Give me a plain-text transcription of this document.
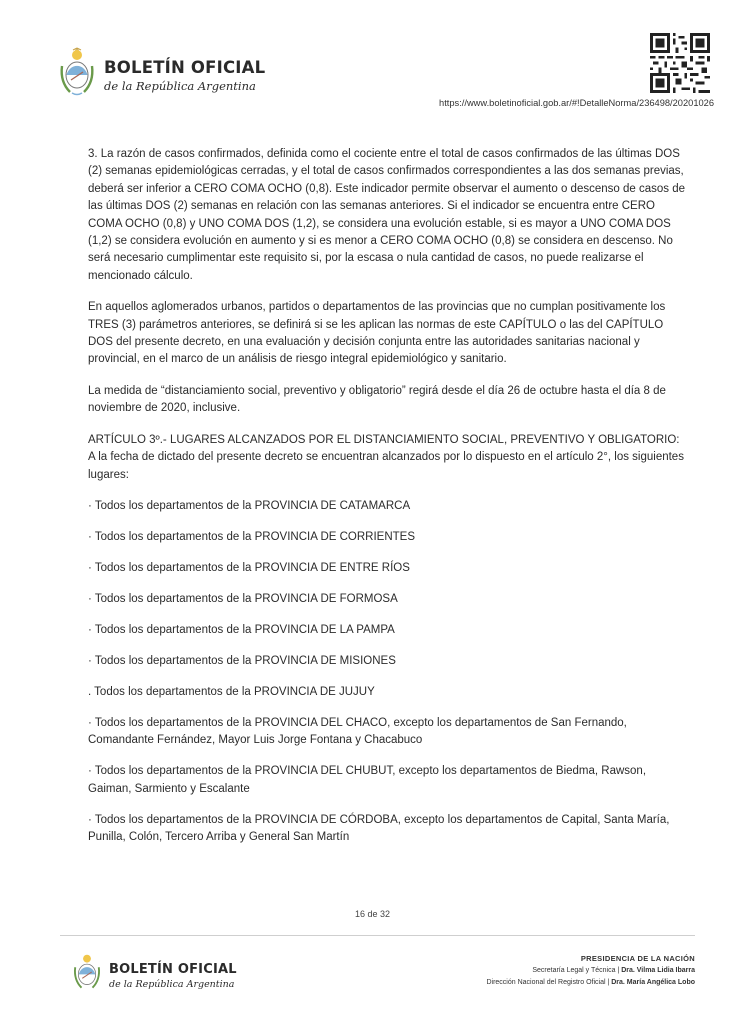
BOLETÍN OFICIAL
de la República Argentina
https://www.boletinoficial.gob.ar/#!DetalleNorma/236498/20201026

3. La razón de casos confirmados, definida como el cociente entre el total de casos confirmados de las últimas DOS (2) semanas epidemiológicas cerradas, y el total de casos confirmados correspondientes a las dos semanas previas, deberá ser inferior a CERO COMA OCHO (0,8). Este indicador permite observar el aumento o descenso de casos de las últimas DOS (2) semanas en relación con las semanas anteriores. Si el indicador se encuentra entre CERO COMA OCHO (0,8) y UNO COMA DOS (1,2), se considera una evolución estable, si es mayor a UNO COMA DOS (1,2) se considera evolución en aumento y si es menor a CERO COMA OCHO (0,8) se considera en descenso. No será necesario cumplimentar este requisito si, por la escasa o nula cantidad de casos, no puede realizarse el mencionado cálculo.

En aquellos aglomerados urbanos, partidos o departamentos de las provincias que no cumplan positivamente los TRES (3) parámetros anteriores, se definirá si se les aplican las normas de este CAPÍTULO o las del CAPÍTULO DOS del presente decreto, en una evaluación y decisión conjunta entre las autoridades sanitarias nacional y provincial, en el marco de un análisis de riesgo integral epidemiológico y sanitario.

La medida de “distanciamiento social, preventivo y obligatorio” regirá desde el día 26 de octubre hasta el día 8 de noviembre de 2020, inclusive.

ARTÍCULO 3º.- LUGARES ALCANZADOS POR EL DISTANCIAMIENTO SOCIAL, PREVENTIVO Y OBLIGATORIO: A la fecha de dictado del presente decreto se encuentran alcanzados por lo dispuesto en el artículo 2°, los siguientes lugares:

· Todos los departamentos de la PROVINCIA DE CATAMARCA
· Todos los departamentos de la PROVINCIA DE CORRIENTES
· Todos los departamentos de la PROVINCIA DE ENTRE RÍOS
· Todos los departamentos de la PROVINCIA DE FORMOSA
· Todos los departamentos de la PROVINCIA DE LA PAMPA
· Todos los departamentos de la PROVINCIA DE MISIONES
. Todos los departamentos de la PROVINCIA DE JUJUY
· Todos los departamentos de la PROVINCIA DEL CHACO, excepto los departamentos de San Fernando, Comandante Fernández, Mayor Luis Jorge Fontana y Chacabuco
· Todos los departamentos de la PROVINCIA DEL CHUBUT, excepto los departamentos de Biedma, Rawson, Gaiman, Sarmiento y Escalante
· Todos los departamentos de la PROVINCIA DE CÓRDOBA, excepto los departamentos de Capital, Santa María, Punilla, Colón, Tercero Arriba y General San Martín
16 de 32
BOLETÍN OFICIAL
de la República Argentina
PRESIDENCIA DE LA NACIÓN
Secretaría Legal y Técnica | Dra. Vilma Lidia Ibarra
Dirección Nacional del Registro Oficial | Dra. María Angélica Lobo
